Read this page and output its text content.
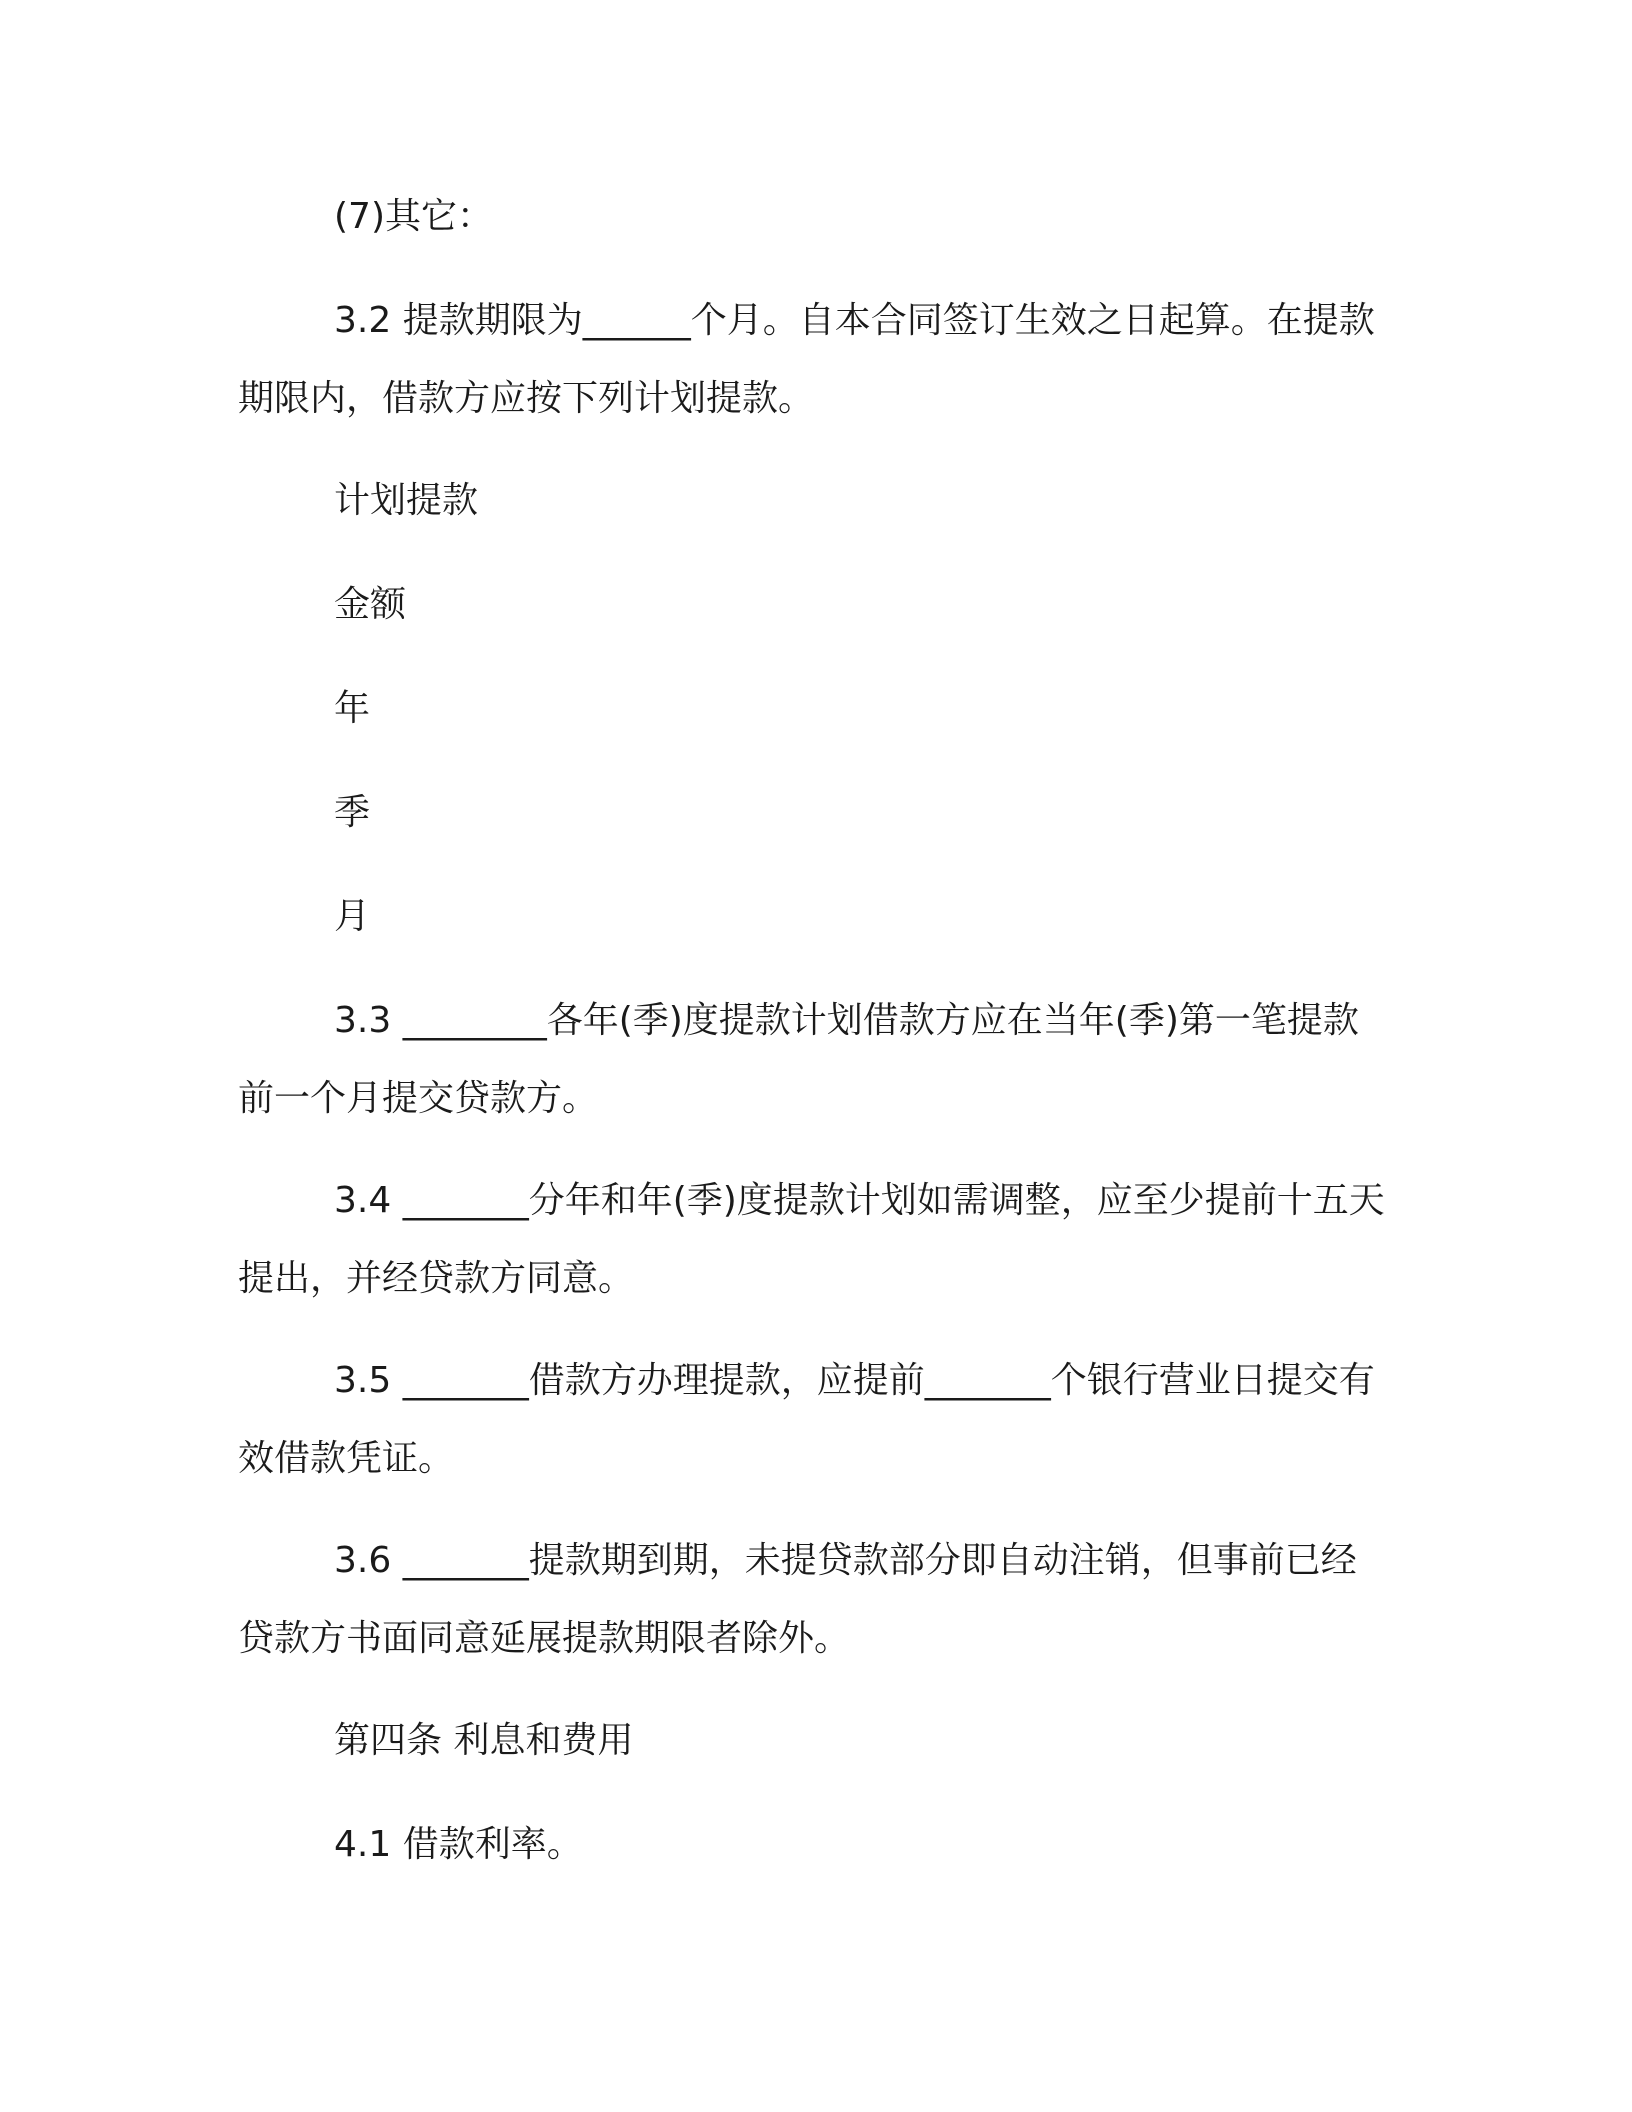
(7)其它：

3.2 提款期限为______个月。自本合同签订生效之日起算。在提款期限内，借款方应按下列计划提款。

计划提款

金额

年

季

月

3.3 ________各年(季)度提款计划借款方应在当年(季)第一笔提款前一个月提交贷款方。

3.4 _______分年和年(季)度提款计划如需调整，应至少提前十五天提出，并经贷款方同意。

3.5 _______借款方办理提款，应提前_______个银行营业日提交有效借款凭证。

3.6 _______提款期到期，未提贷款部分即自动注销，但事前已经贷款方书面同意延展提款期限者除外。

第四条 利息和费用

4.1 借款利率。
